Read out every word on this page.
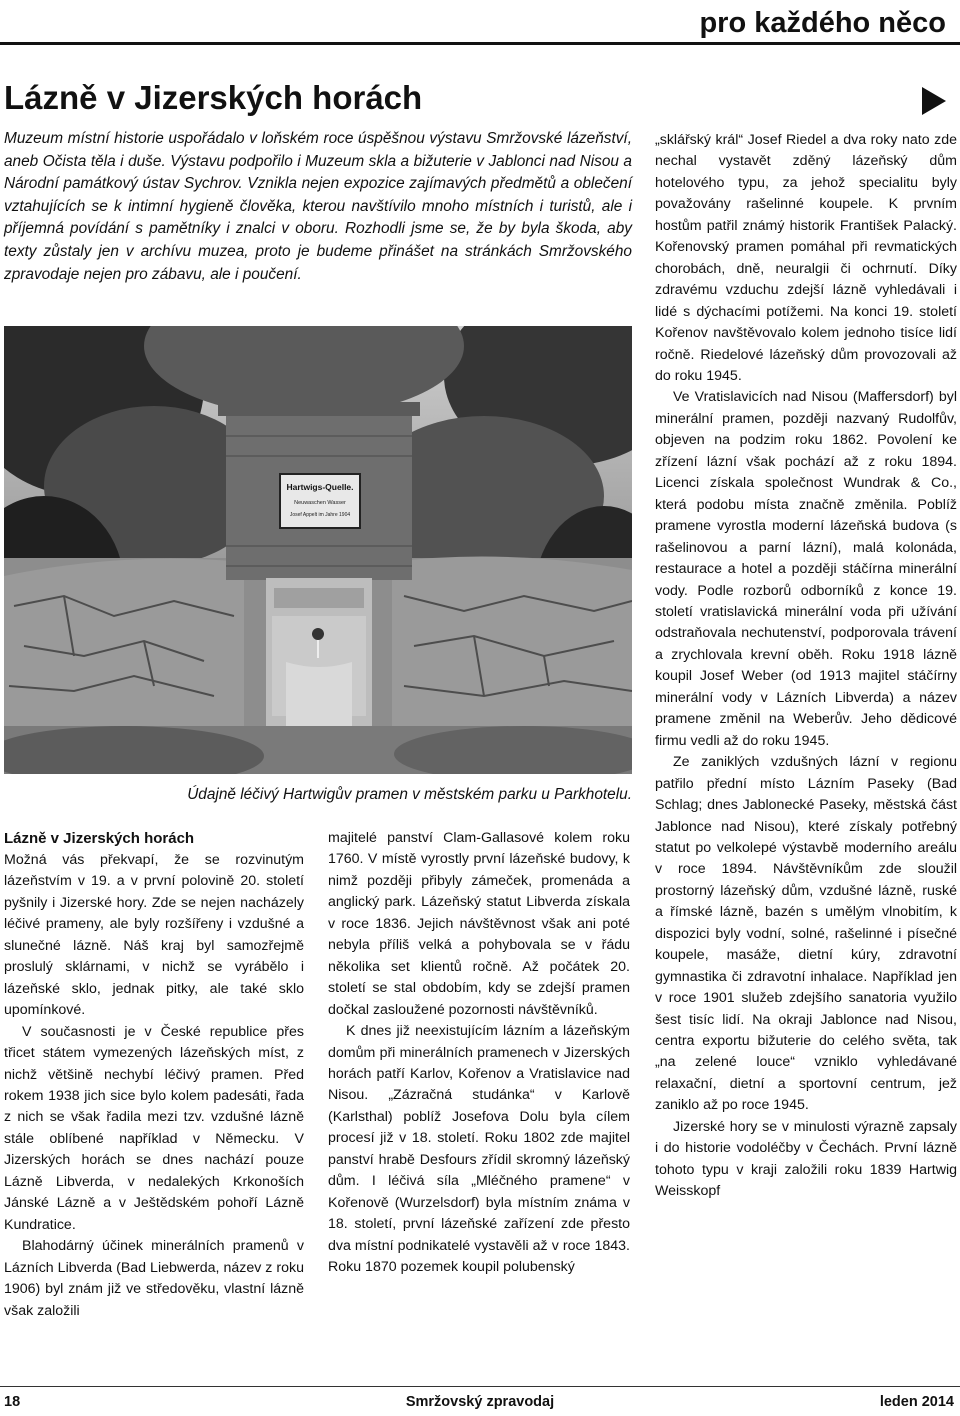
pro každého něco
Lázně v Jizerských horách

Muzeum místní historie uspořádalo v loňském roce úspěšnou výstavu Smržovské lázeňství, aneb Očista těla i duše. Výstavu podpořilo i Muzeum skla a bižuterie v Jablonci nad Nisou a Národní památkový ústav Sychrov. Vznikla nejen expozice zajímavých předmětů a oblečení vztahujících se k intimní hygieně člověka, kterou navštívilo mnoho místních i turistů, ale i příjemná povídání s pamětníky i znalci v oboru. Rozhodli jsme se, že by byla škoda, aby texty zůstaly jen v archívu muzea, proto je budeme přinášet na stránkách Smržovského zpravodaje nejen pro zábavu, ale i poučení.

Hartwigs-Quelle.
Neuwaschen Wasser
Josef Appelt im Jahre 1904
Údajně léčivý Hartwigův pramen v městském parku u Parkhotelu.

Lázně v Jizerských horách

Možná vás překvapí, že se rozvinutým lázeňstvím v 19. a v první polovině 20. století pyšnily i Jizerské hory. Zde se nejen nacházely léčivé prameny, ale byly rozšířeny i vzdušné a slunečné lázně. Náš kraj byl samozřejmě proslulý sklárnami, v nichž se vyrábělo i lázeňské sklo, jednak pitky, ale také sklo upomínkové.

V současnosti je v České republice přes třicet státem vymezených lázeňských míst, z nichž většině nechybí léčivý pramen. Před rokem 1938 jich sice bylo kolem padesáti, řada z nich se však řadila mezi tzv. vzdušné lázně stále oblíbené například v Německu. V Jizerských horách se dnes nachází pouze Lázně Libverda, v nedalekých Krkonoších Jánské Lázně a v Ještědském pohoří Lázně Kundratice.

Blahodárný účinek minerálních pramenů v Lázních Libverda (Bad Liebwerda, název z roku 1906) byl znám již ve středověku, vlastní lázně však založili

majitelé panství Clam-Gallasové kolem roku 1760. V místě vyrostly první lázeňské budovy, k nimž později přibyly zámeček, promenáda a anglický park. Lázeňský statut Libverda získala v roce 1836. Jejich návštěvnost však ani poté nebyla příliš velká a pohybovala se v řádu několika set klientů ročně. Až počátek 20. století se stal obdobím, kdy se zdejší pramen dočkal zasloužené pozornosti návštěvníků.

K dnes již neexistujícím lázním a lázeňským domům při minerálních pramenech v Jizerských horách patří Karlov, Kořenov a Vratislavice nad Nisou. „Zázračná studánka“ v Karlově (Karlsthal) poblíž Josefova Dolu byla cílem procesí již v 18. století. Roku 1802 zde majitel panství hrabě Desfours zřídil skromný lázeňský dům. I léčivá síla „Mléčného pramene“ v Kořenově (Wurzelsdorf) byla místním známa v 18. století, první lázeňské zařízení zde přesto dva místní podnikatelé vystavěli až v roce 1843. Roku 1870 pozemek koupil polubenský

„sklářský král“ Josef Riedel a dva roky nato zde nechal vystavět zděný lázeňský dům hotelového typu, za jehož specialitu byly považovány rašelinné koupele. K prvním hostům patřil známý historik František Palacký. Kořenovský pramen pomáhal při revmatických chorobách, dně, neuralgii či ochrnutí. Díky zdravému vzduchu zdejší lázně vyhledávali i lidé s dýchacími potížemi. Na konci 19. století Kořenov navštěvovalo kolem jednoho tisíce lidí ročně. Riedelové lázeňský dům provozovali až do roku 1945.

Ve Vratislavicích nad Nisou (Maffersdorf) byl minerální pramen, později nazvaný Rudolfův, objeven na podzim roku 1862. Povolení ke zřízení lázní však pochází až z roku 1894. Licenci získala společnost Wundrak & Co., která podobu místa značně změnila. Poblíž pramene vyrostla moderní lázeňská budova (s rašelinovou a parní lázní), malá kolonáda, restaurace a hotel a později stáčírna minerální vody. Podle rozborů odborníků z konce 19. století vratislavická minerální voda při užívání odstraňovala nechutenství, podporovala trávení a zrychlovala krevní oběh. Roku 1918 lázně koupil Josef Weber (od 1913 majitel stáčírny minerální vody v Lázních Libverda) a název pramene změnil na Weberův. Jeho dědicové firmu vedli až do roku 1945.

Ze zaniklých vzdušných lázní v regionu patřilo přední místo Lázním Paseky (Bad Schlag; dnes Jablonecké Paseky, městská část Jablonce nad Nisou), které získaly potřebný statut po velkolepé výstavbě moderního areálu v roce 1894. Návštěvníkům zde sloužil prostorný lázeňský dům, vzdušné lázně, ruské a římské lázně, bazén s umělým vlnobitím, k dispozici byly vodní, solné, rašelinné i písečné koupele, masáže, dietní kúry, zdravotní gymnastika či zdravotní inhalace. Například jen v roce 1901 služeb zdejšího sanatoria využilo šest tisíc lidí. Na okraji Jablonce nad Nisou, centra exportu bižuterie do celého světa, tak „na zelené louce“ vzniklo vyhledávané relaxační, dietní a sportovní centrum, jež zaniklo až po roce 1945.

Jizerské hory se v minulosti výrazně zapsaly i do historie vodoléčby v Čechách. První lázně tohoto typu v kraji založili roku 1839 Hartwig Weisskopf

18	Smržovský zpravodaj	leden 2014
